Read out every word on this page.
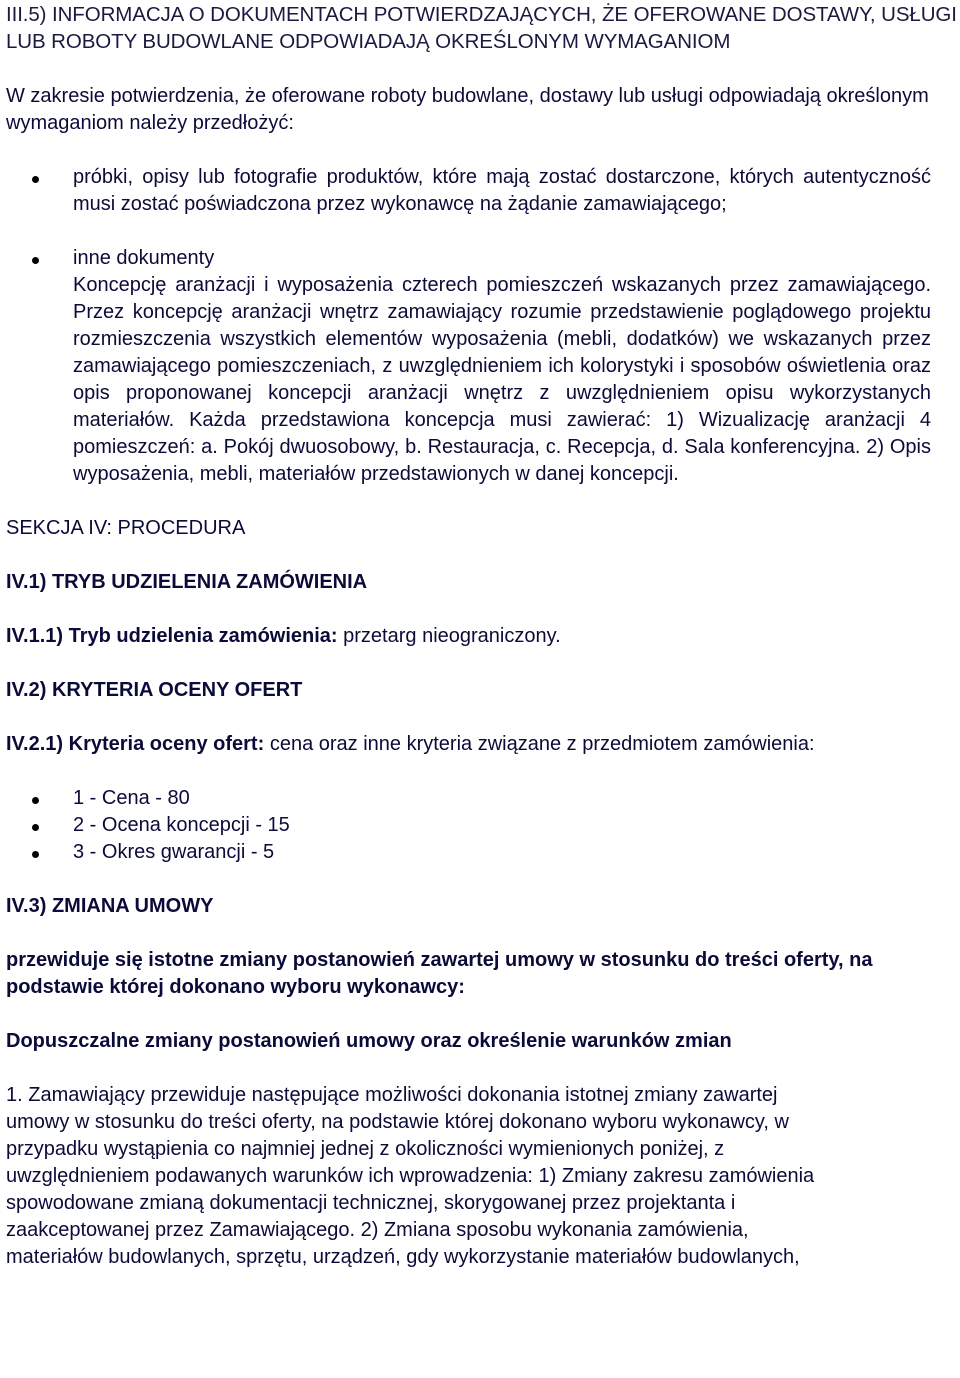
III.5) INFORMACJA O DOKUMENTACH POTWIERDZAJĄCYCH, ŻE OFEROWANE DOSTAWY, USŁUGI LUB ROBOTY BUDOWLANE ODPOWIADAJĄ OKREŚLONYM WYMAGANIOM

W zakresie potwierdzenia, że oferowane roboty budowlane, dostawy lub usługi odpowiadają określonym wymaganiom należy przedłożyć:

próbki, opisy lub fotografie produktów, które mają zostać dostarczone, których autentyczność musi zostać poświadczona przez wykonawcę na żądanie zamawiającego;
inne dokumenty
Koncepcję aranżacji i wyposażenia czterech pomieszczeń wskazanych przez zamawiającego. Przez koncepcję aranżacji wnętrz zamawiający rozumie przedstawienie poglądowego projektu rozmieszczenia wszystkich elementów wyposażenia (mebli, dodatków) we wskazanych przez zamawiającego pomieszczeniach, z uwzględnieniem ich kolorystyki i sposobów oświetlenia oraz opis proponowanej koncepcji aranżacji wnętrz z uwzględnieniem opisu wykorzystanych materiałów. Każda przedstawiona koncepcja musi zawierać: 1) Wizualizację aranżacji 4 pomieszczeń: a. Pokój dwuosobowy, b. Restauracja, c. Recepcja, d. Sala konferencyjna. 2) Opis wyposażenia, mebli, materiałów przedstawionych w danej koncepcji.

SEKCJA IV: PROCEDURA

IV.1) TRYB UDZIELENIA ZAMÓWIENIA

IV.1.1) Tryb udzielenia zamówienia: przetarg nieograniczony.

IV.2) KRYTERIA OCENY OFERT

IV.2.1) Kryteria oceny ofert: cena oraz inne kryteria związane z przedmiotem zamówienia:

1 - Cena - 80
2 - Ocena koncepcji - 15
3 - Okres gwarancji - 5

IV.3) ZMIANA UMOWY

przewiduje się istotne zmiany postanowień zawartej umowy w stosunku do treści oferty, na podstawie której dokonano wyboru wykonawcy:

Dopuszczalne zmiany postanowień umowy oraz określenie warunków zmian

1. Zamawiający przewiduje następujące możliwości dokonania istotnej zmiany zawartej
umowy w stosunku do treści oferty, na podstawie której dokonano wyboru wykonawcy, w
przypadku wystąpienia co najmniej jednej z okoliczności wymienionych poniżej, z
uwzględnieniem podawanych warunków ich wprowadzenia: 1) Zmiany zakresu zamówienia
spowodowane zmianą dokumentacji technicznej, skorygowanej przez projektanta i
zaakceptowanej przez Zamawiającego. 2) Zmiana sposobu wykonania zamówienia,
materiałów budowlanych, sprzętu, urządzeń, gdy wykorzystanie materiałów budowlanych,
